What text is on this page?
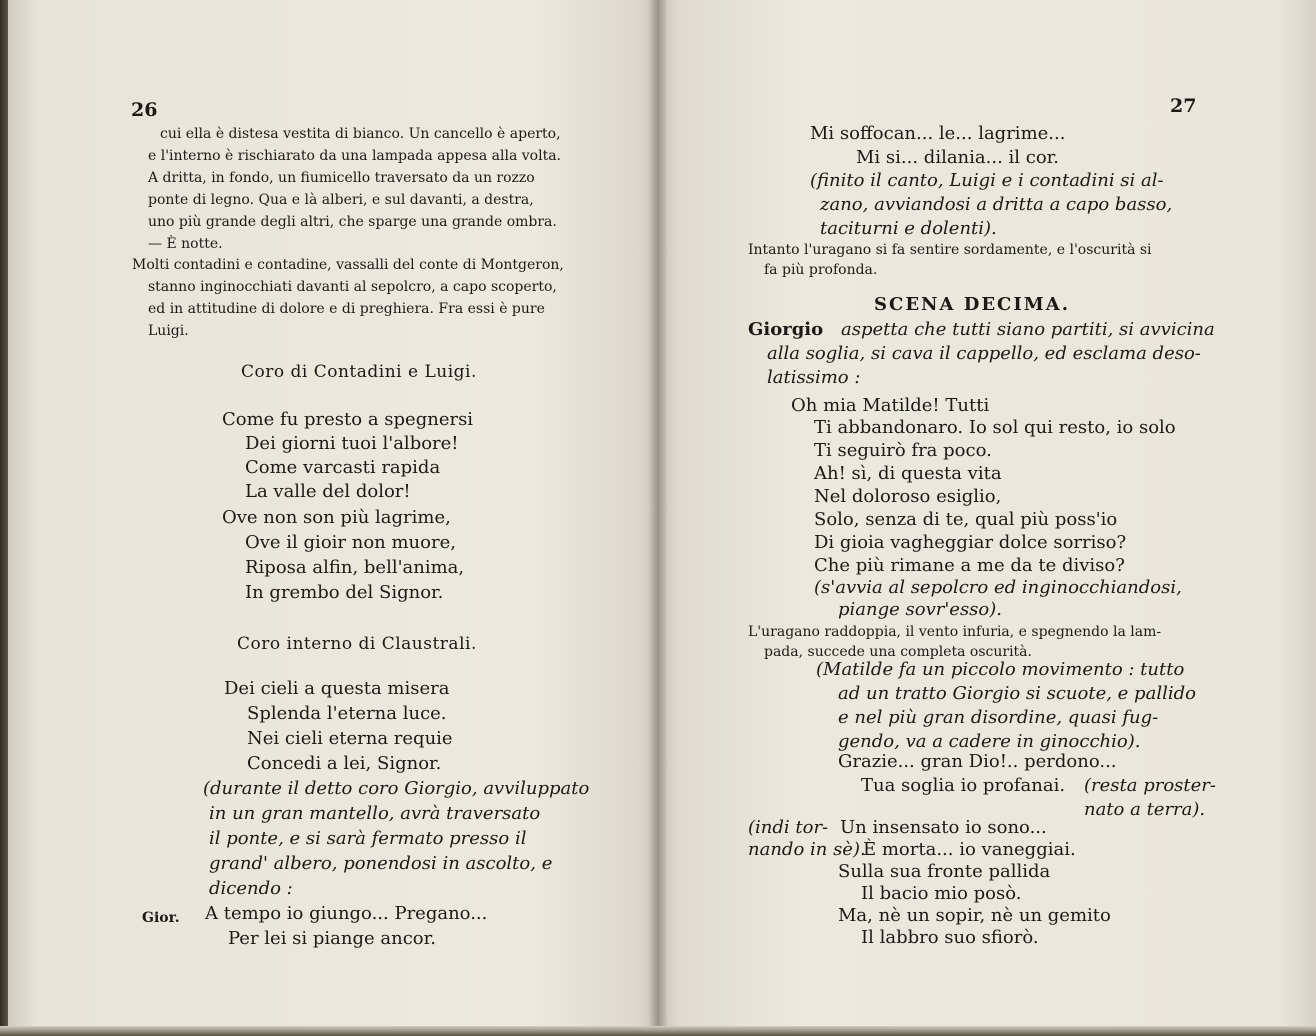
26
cui ella è distesa vestita di bianco. Un cancello è aperto,
e l'interno è rischiarato da una lampada appesa alla volta.
A dritta, in fondo, un fiumicello traversato da un rozzo
ponte di legno. Qua e là alberi, e sul davanti, a destra,
uno più grande degli altri, che sparge una grande ombra.
— È notte.
Molti contadini e contadine, vassalli del conte di Montgeron,
stanno inginocchiati davanti al sepolcro, a capo scoperto,
ed in attitudine di dolore e di preghiera. Fra essi è pure
Luigi.
Coro di Contadini e Luigi.
Come fu presto a spegnersi
Dei giorni tuoi l'albore!
Come varcasti rapida
La valle del dolor!
Ove non son più lagrime,
Ove il gioir non muore,
Riposa alfin, bell'anima,
In grembo del Signor.
Coro interno di Claustrali.
Dei cieli a questa misera
Splenda l'eterna luce.
Nei cieli eterna requie
Concedi a lei, Signor.
(durante il detto coro Giorgio, avviluppato
in un gran mantello, avrà traversato
il ponte, e si sarà fermato presso il
grand' albero, ponendosi in ascolto, e
dicendo :
Gior. A tempo io giungo... Pregano...
Per lei si piange ancor.
27
Mi soffocan... le... lagrime...
Mi si... dilania... il cor.
(finito il canto, Luigi e i contadini si al-
zano, avviandosi a dritta a capo basso,
taciturni e dolenti).
Intanto l'uragano si fa sentire sordamente, e l'oscurità si
fa più profonda.
SCENA DECIMA.
Giorgio aspetta che tutti siano partiti, si avvicina
alla soglia, si cava il cappello, ed esclama deso-
latissimo :
Oh mia Matilde! Tutti
Ti abbandonaro. Io sol qui resto, io solo
Ti seguirò fra poco.
Ah! sì, di questa vita
Nel doloroso esiglio,
Solo, senza di te, qual più poss'io
Di gioia vagheggiar dolce sorriso?
Che più rimane a me da te diviso?
(s'avvia al sepolcro ed inginocchiandosi,
piange sovr'esso).
L'uragano raddoppia, il vento infuria, e spegnendo la lam-
pada, succede una completa oscurità.
(Matilde fa un piccolo movimento : tutto
ad un tratto Giorgio si scuote, e pallido
e nel più gran disordine, quasi fug-
gendo, va a cadere in ginocchio).
Grazie... gran Dio!.. perdono...
Tua soglia io profanai. (resta proster-
nato a terra).
(indi tor-
nando in sè).
Un insensato io sono...
È morta... io vaneggiai.
Sulla sua fronte pallida
Il bacio mio posò.
Ma, nè un sopir, nè un gemito
Il labbro suo sfiorò.
